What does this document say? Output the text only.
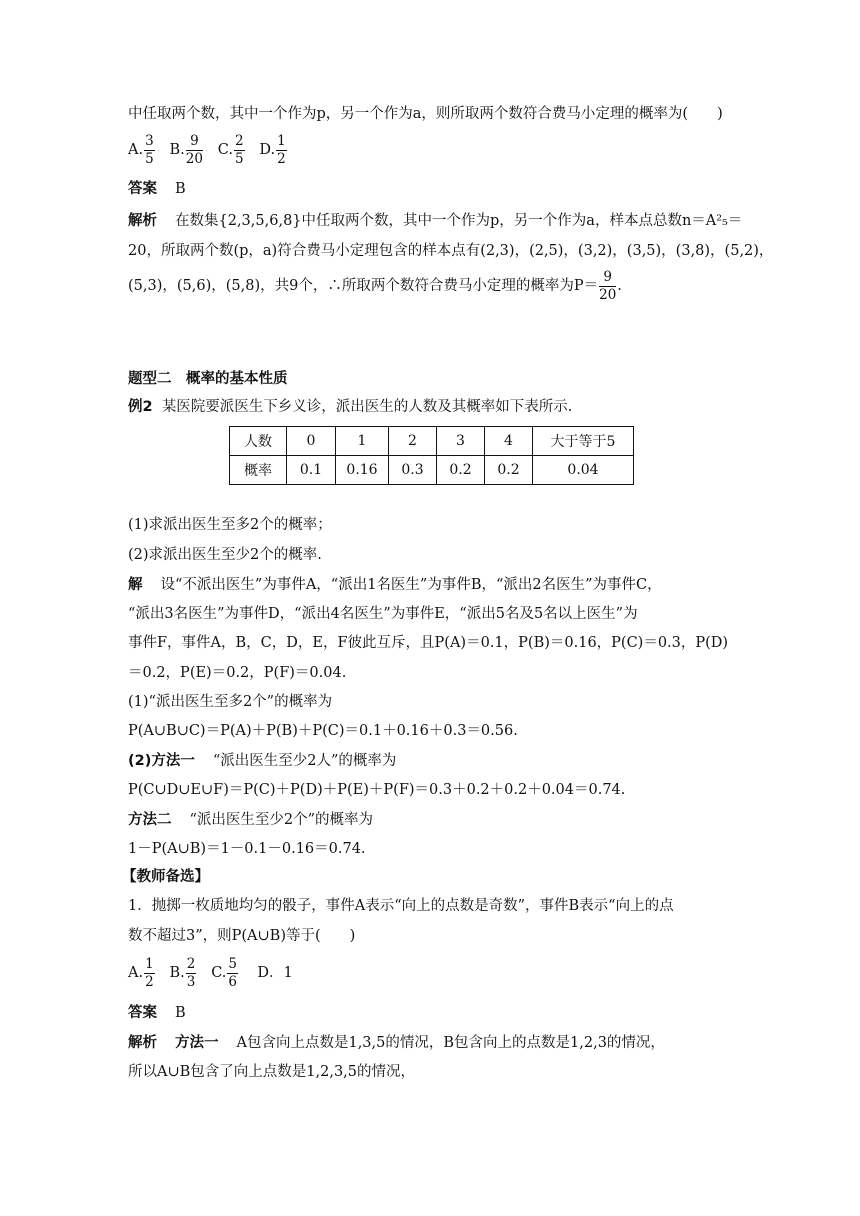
中任取两个数，其中一个作为p，另一个作为a，则所取两个数符合费马小定理的概率为(　　)
A. $\frac{3}{5} B$. $\frac{9}{20} C$. $\frac{2}{5} D$. $\frac{1}{2}$
答案 B
解析 在数集{2,3,5,6,8}中任取两个数，其中一个作为p，另一个作为a，样本点总数n＝A²₅＝
20，所取两个数(p，a)符合费马小定理包含的样本点有(2,3)，(2,5)，(3,2)，(3,5)，(3,8)，(5,2)，
(5,3)，(5,6)，(5,8)，共9个，∴所取两个数符合费马小定理的概率为$P= \frac{9}{20}$ .
题型二　概率的基本性质
例2 某医院要派医生下乡义诊，派出医生的人数及其概率如下表所示.
人数	0	1	2	3	4	大于等于5
概率	0.1	0.16	0.3	0.2	0.2	0.04
(1)求派出医生至多2个的概率；
(2)求派出医生至少2个的概率.
解 设“不派出医生”为事件A，“派出1名医生”为事件B，“派出2名医生”为事件C，
“派出3名医生”为事件D，“派出4名医生”为事件E，“派出5名及5名以上医生”为
事件F，事件A，B，C，D，E，F彼此互斥，且P(A)＝0.1，P(B)＝0.16，P(C)＝0.3，P(D)
＝0.2，P(E)＝0.2，P(F)＝0.04.
(1)“派出医生至多2个”的概率为
P(A∪B∪C)＝P(A)＋P(B)＋P(C)＝0.1＋0.16＋0.3＝0.56.
(2)方法一 “派出医生至少2人”的概率为
P(C∪D∪E∪F)＝P(C)＋P(D)＋P(E)＋P(F)＝0.3＋0.2＋0.2＋0.04＝0.74.
方法二 “派出医生至少2个”的概率为
1－P(A∪B)＝1－0.1－0.16＝0.74.
【教师备选】
1．抛掷一枚质地均匀的骰子，事件A表示“向上的点数是奇数”，事件B表示“向上的点
数不超过3”，则P(A∪B)等于(　　)
A. $\frac{1}{2} B$. $\frac{2}{3} C$. $\frac{5}{6}$ D．1
答案 B
解析 方法一 A包含向上点数是1,3,5的情况，B包含向上的点数是1,2,3的情况，
所以A∪B包含了向上点数是1,2,3,5的情况，
